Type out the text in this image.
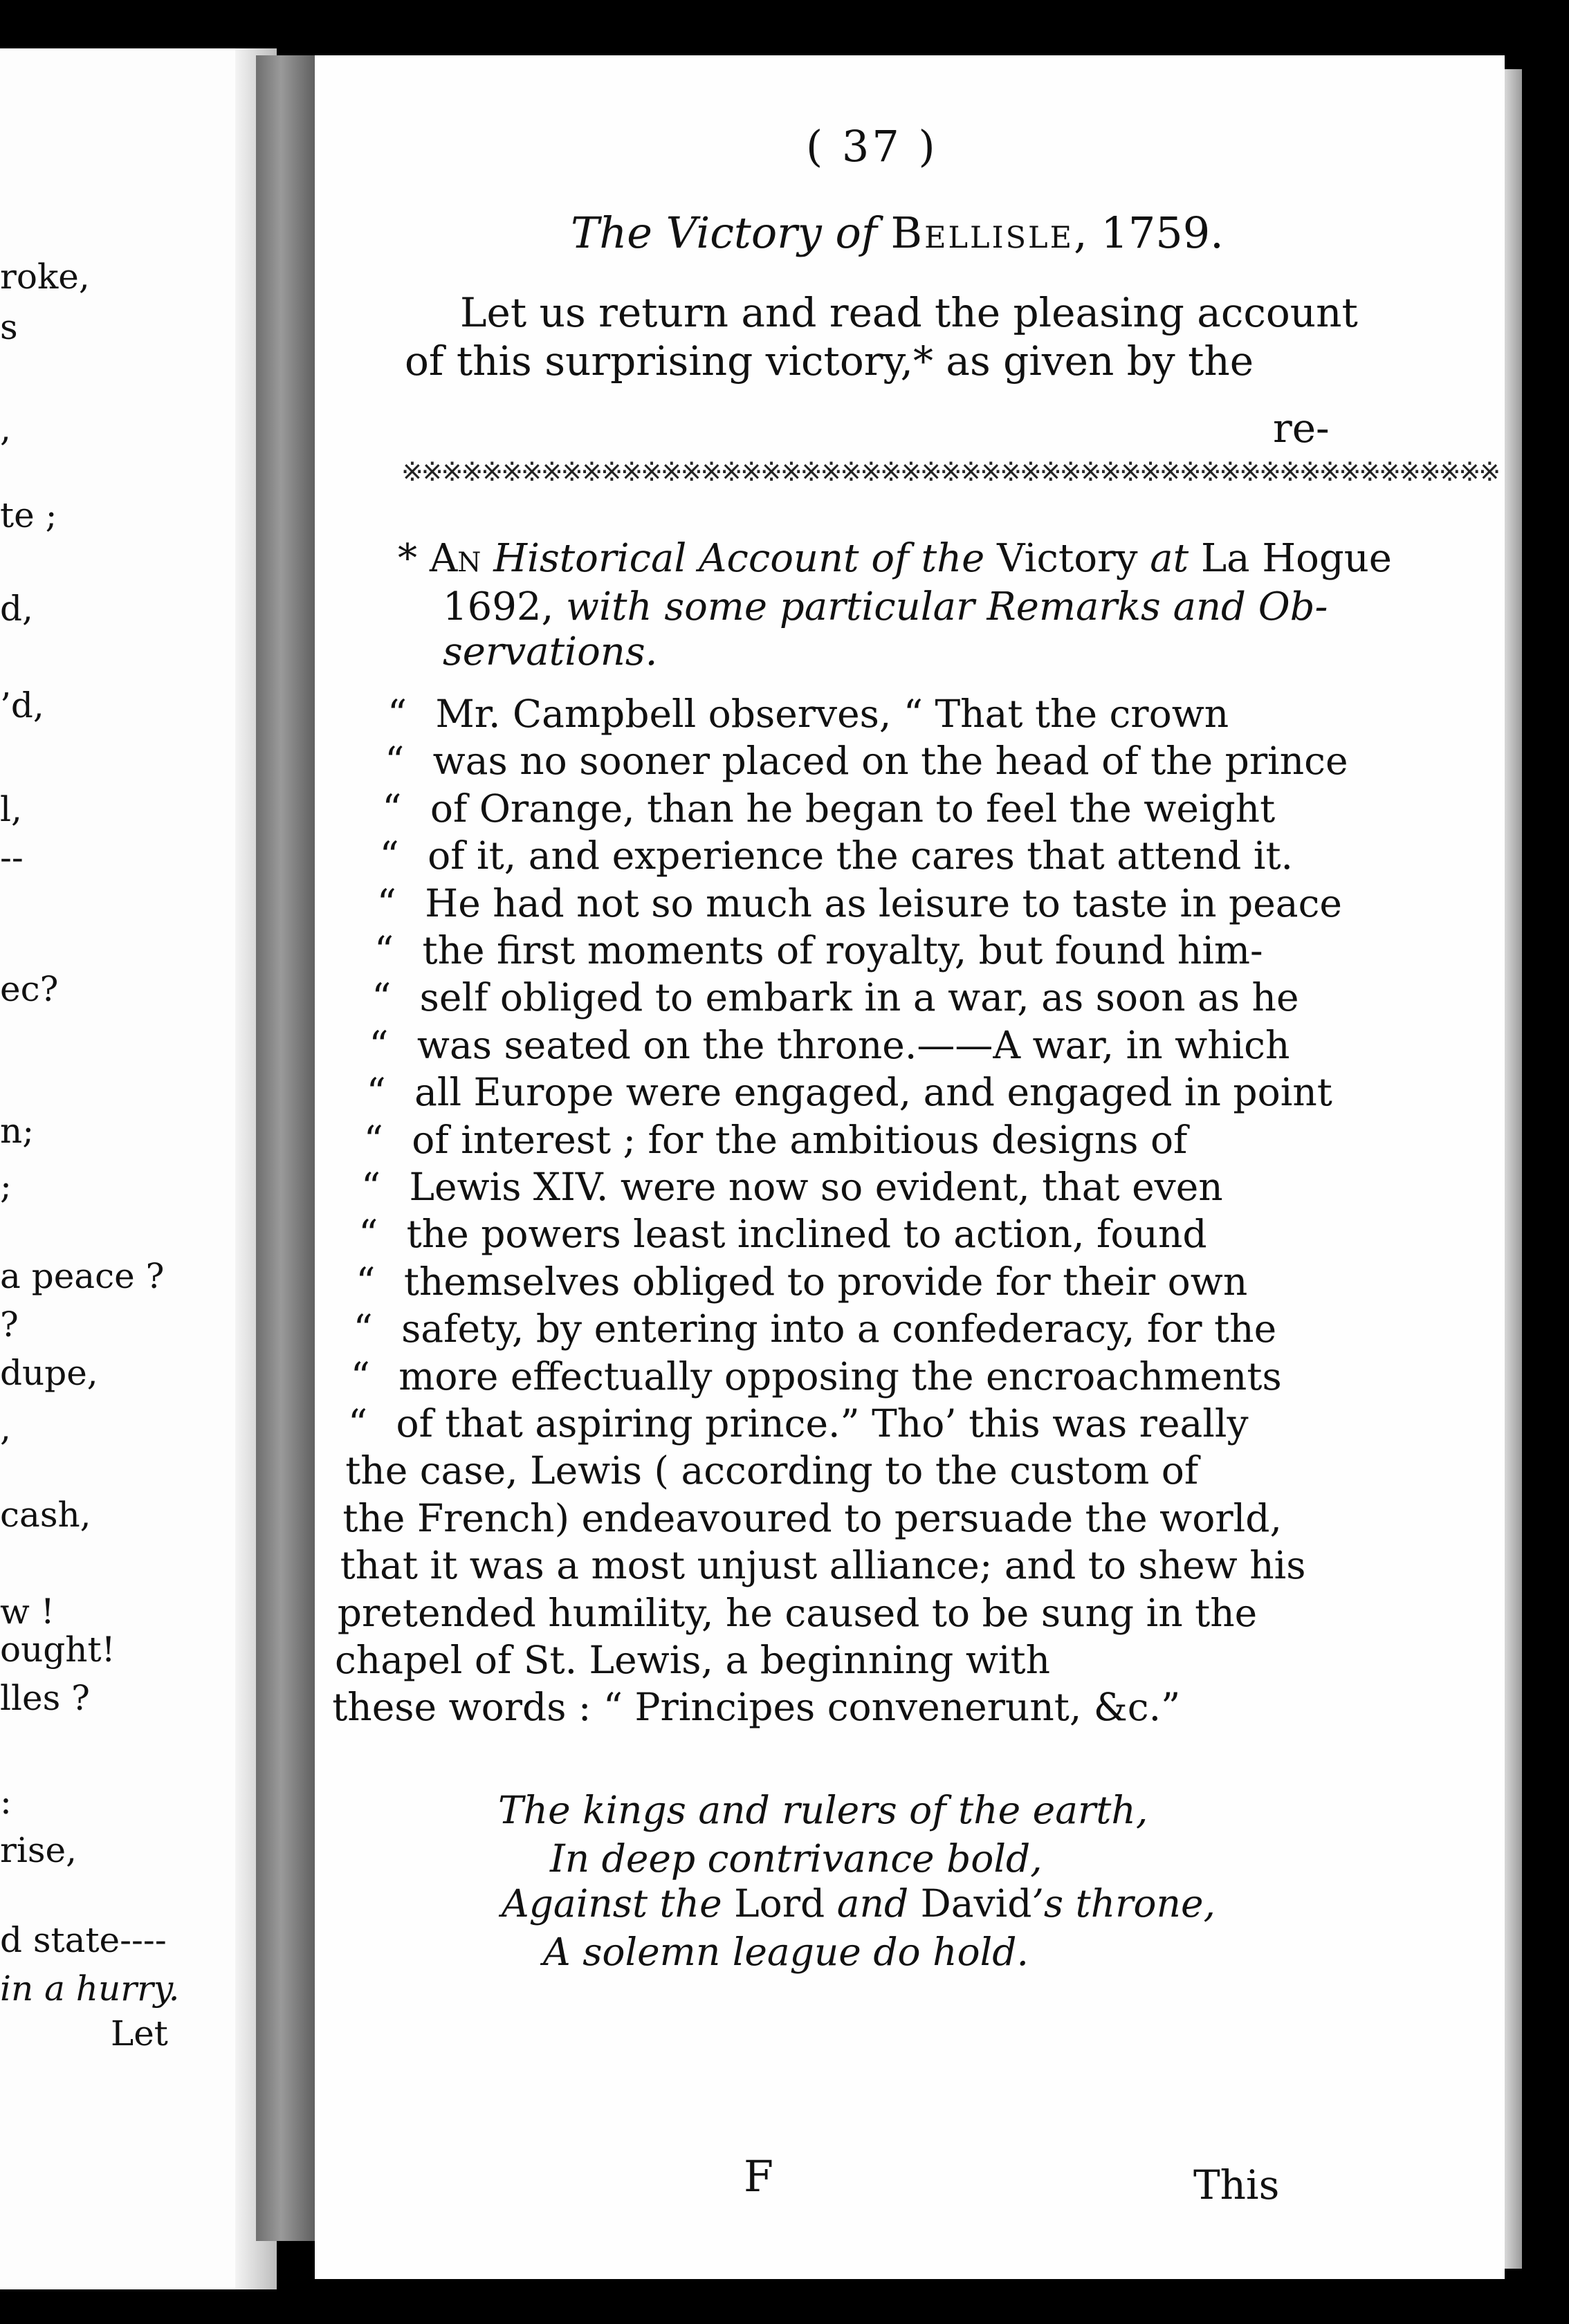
roke,
s
,
te ;
d,
’d,
l,
--
ec?
n;
;
a peace ?
?
dupe,
,
cash,
w !
ought!
lles ?
:
rise,
d state----
in a hurry.
Let
( 37 )
The Victory of Bellisle, 1759.
Let us return and read the pleasing account
of this surprising victory,* as given by the
re-
※※※※※※※※※※※※※※※※※※※※※※※※※※※※※※※※※※※※※※※※※※※※※※※※※※※※※※※
* An Historical Account of the Victory at La Hogue
1692, with some particular Remarks and Ob-
servations.
“ Mr. Campbell observes, “ That the crown
“ was no sooner placed on the head of the prince
“ of Orange, than he began to feel the weight
“ of it, and experience the cares that attend it.
“ He had not so much as leisure to taste in peace
“ the first moments of royalty, but found him-
“ self obliged to embark in a war, as soon as he
“ was seated on the throne.——A war, in which
“ all Europe were engaged, and engaged in point
“ of interest ; for the ambitious designs of
“ Lewis XIV. were now so evident, that even
“ the powers least inclined to action, found
“ themselves obliged to provide for their own
“ safety, by entering into a confederacy, for the
“ more effectually opposing the encroachments
“ of that aspiring prince.” Tho’ this was really
the case, Lewis ( according to the custom of
the French) endeavoured to persuade the world,
that it was a most unjust alliance; and to shew his
pretended humility, he caused to be sung in the
chapel of St. Lewis, a beginning with
these words : “ Principes convenerunt, &c.”
The kings and rulers of the earth,
In deep contrivance bold,
Against the Lord and David’s throne,
A solemn league do hold.
F	This
